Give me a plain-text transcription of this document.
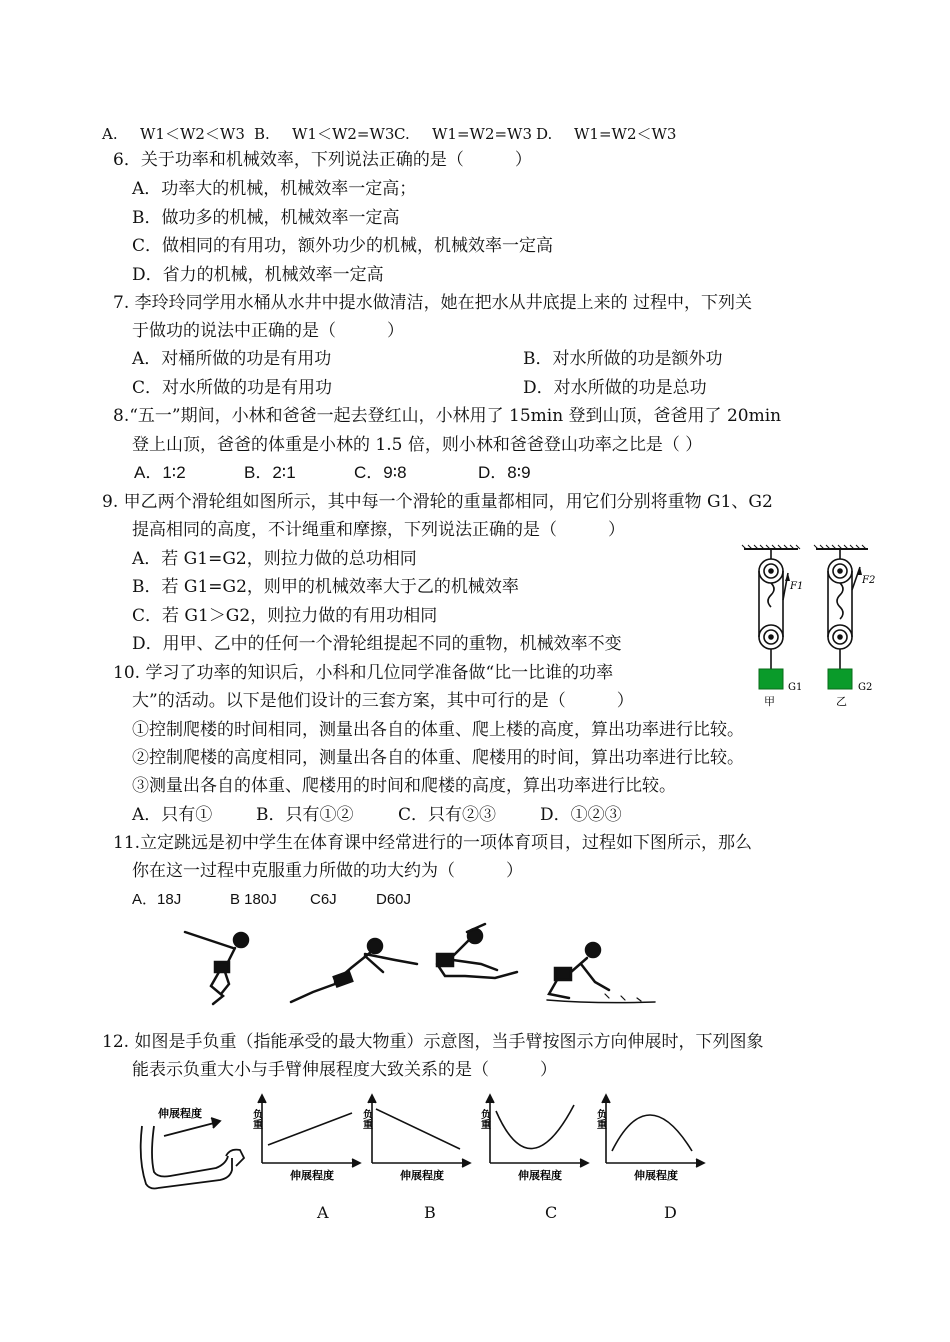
A. W1＜W2＜W3 B. W1＜W2=W3C. W1=W2=W3 D. W1=W2＜W3
6．关于功率和机械效率，下列说法正确的是（　　　）
A．功率大的机械，机械效率一定高；
B．做功多的机械，机械效率一定高
C．做相同的有用功，额外功少的机械，机械效率一定高
D．省力的机械，机械效率一定高
7. 李玲玲同学用水桶从水井中提水做清洁，她在把水从井底提上来的 过程中，下列关
于做功的说法中正确的是（　　　）
A．对桶所做的功是有用功	B．对水所做的功是额外功
C．对水所做的功是有用功	D．对水所做的功是总功
8.“五一”期间，小林和爸爸一起去登红山，小林用了 15min 登到山顶，爸爸用了 20min
登上山顶，爸爸的体重是小林的 1.5 倍，则小林和爸爸登山功率之比是（ ）
A．1∶2	B．2∶1	C．9∶8	D．8∶9
9. 甲乙两个滑轮组如图所示，其中每一个滑轮的重量都相同，用它们分别将重物 G1、G2
提高相同的高度，不计绳重和摩擦，下列说法正确的是（　　　）
A．若 G1=G2，则拉力做的总功相同
B．若 G1=G2，则甲的机械效率大于乙的机械效率
C．若 G1＞G2，则拉力做的有用功相同
D．用甲、乙中的任何一个滑轮组提起不同的重物，机械效率不变
F1
G1
甲
F2
G2
乙
10. 学习了功率的知识后，小科和几位同学准备做“比一比谁的功率
大”的活动。以下是他们设计的三套方案，其中可行的是（　　　）
①控制爬楼的时间相同，测量出各自的体重、爬上楼的高度，算出功率进行比较。
②控制爬楼的高度相同，测量出各自的体重、爬楼用的时间，算出功率进行比较。
③测量出各自的体重、爬楼用的时间和爬楼的高度，算出功率进行比较。
A．只有①	B．只有①②	C．只有②③	D．①②③
11.立定跳远是初中学生在体育课中经常进行的一项体育项目，过程如下图所示，那么
你在这一过程中克服重力所做的功大约为（　　　）
A．18J	B 180J C6J	D60J
12. 如图是手负重（指能承受的最大物重）示意图，当手臂按图示方向伸展时，下列图象
能表示负重大小与手臂伸展程度大致关系的是（　　　）
伸展程度	负重
伸展程度
负重
伸展程度
负重
伸展程度
负重
伸展程度
A	B	C	D
